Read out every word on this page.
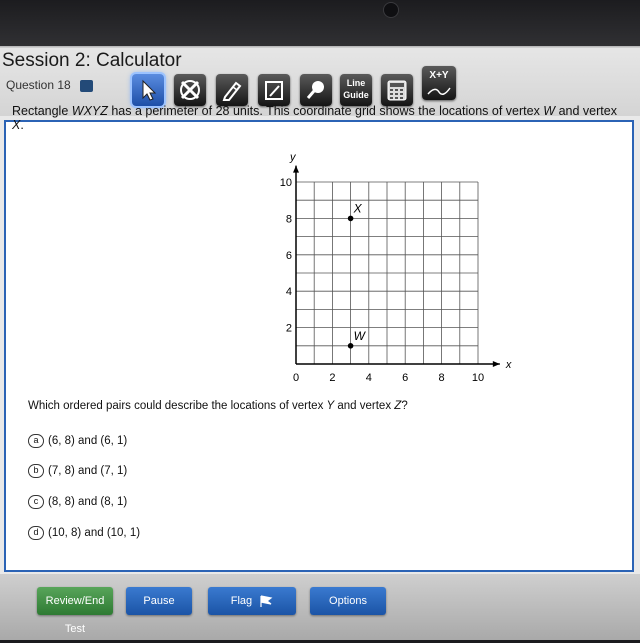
Session 2: Calculator
Question 18	Line
Guide
X+Y
Rectangle WXYZ has a perimeter of 28 units. This coordinate grid shows the locations of vertex W and vertex X.
x
y
0	2	4	6	8 10
2
4
6
8
10
X
W
Which ordered pairs could describe the locations of vertex Y and vertex Z?
a (6, 8) and (6, 1)
b (7, 8) and (7, 1)
c (8, 8) and (8, 1)
d (10, 8) and (10, 1)
Review/End Test
Pause	Flag	Options
